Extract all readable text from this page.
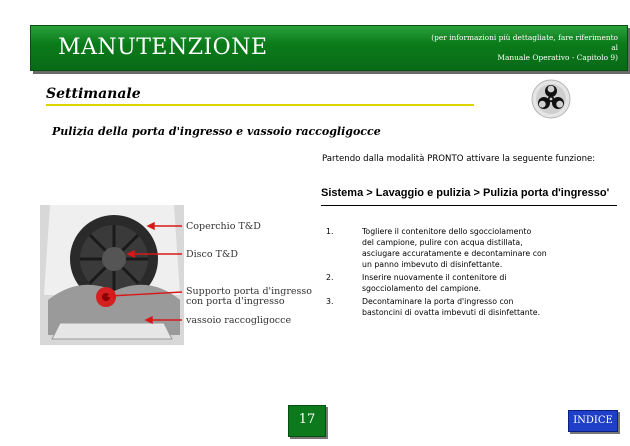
MANUTENZIONE	(per informazioni più dettagliate, fare riferimento al
Manuale Operativo - Capitolo 9)
Settimanale
Pulizia della porta d'ingresso e vassoio raccogligocce
Partendo dalla modalità PRONTO attivare la seguente funzione:
Sistema > Lavaggio e pulizia > Pulizia porta d'ingresso'
1.	Togliere il contenitore dello sgocciolamento
del campione, pulire con acqua distillata,
asciugare accuratamente e decontaminare con
un panno imbevuto di disinfettante.
2.	Inserire nuovamente il contenitore di
sgocciolamento del campione.
3.	Decontaminare la porta d'ingresso con
bastoncini di ovatta imbevuti di disinfettante.
Coperchio T&D
Disco T&D
Supporto porta d'ingresso
con porta d'ingresso
vassoio raccogligocce
17	INDICE
